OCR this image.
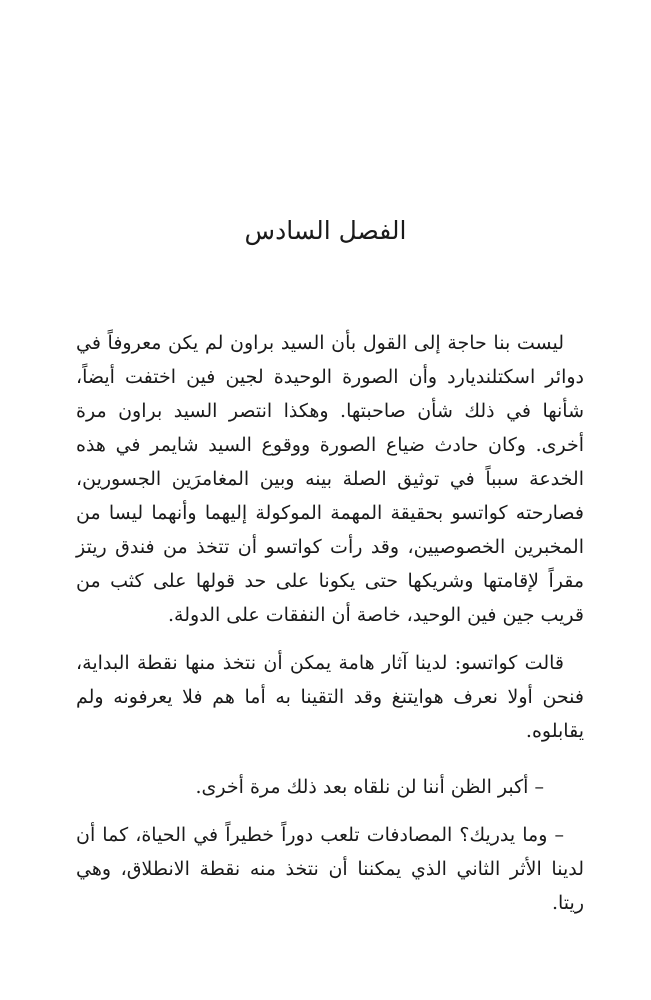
الفصل السادس

ليست بنا حاجة إلى القول بأن السيد براون لم يكن معروفاً في دوائر اسكتلنديارد وأن الصورة الوحيدة لجين فين اختفت أيضاً، شأنها في ذلك شأن صاحبتها. وهكذا انتصر السيد براون مرة أخرى. وكان حادث ضياع الصورة ووقوع السيد شايمر في هذه الخدعة سبباً في توثيق الصلة بينه وبين المغامرَين الجسورين، فصارحته كواتسو بحقيقة المهمة الموكولة إليهما وأنهما ليسا من المخبرين الخصوصيين، وقد رأت كواتسو أن تتخذ من فندق ريتز مقراً لإقامتها وشريكها حتى يكونا على حد قولها على كثب من قريب جين فين الوحيد، خاصة أن النفقات على الدولة.

قالت كواتسو: لدينا آثار هامة يمكن أن نتخذ منها نقطة البداية، فنحن أولا نعرف هوايتنغ وقد التقينا به أما هم فلا يعرفونه ولم يقابلوه.

– أكبر الظن أننا لن نلقاه بعد ذلك مرة أخرى.

– وما يدريك؟ المصادفات تلعب دوراً خطيراً في الحياة، كما أن لدينا الأثر الثاني الذي يمكننا أن نتخذ منه نقطة الانطلاق، وهي ريتا.
